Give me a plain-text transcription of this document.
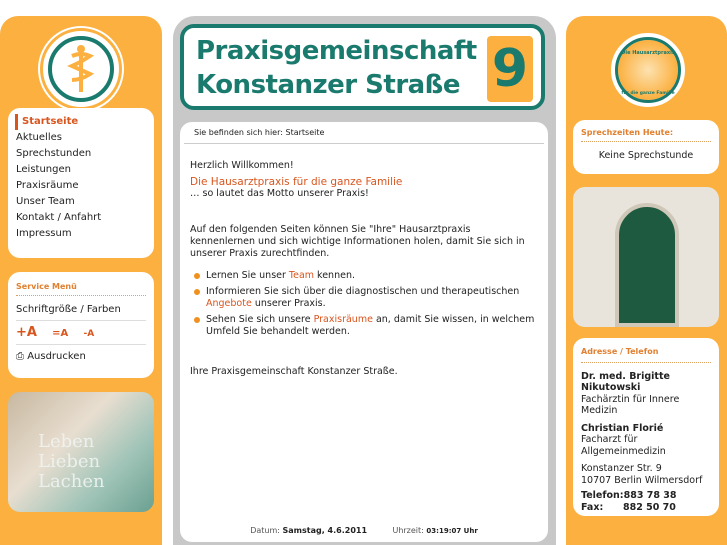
Startseite
Aktuelles
Sprechstunden
Leistungen
Praxisräume
Unser Team
Kontakt / Anfahrt
Impressum
Service Menü
Schriftgröße / Farben
+A =A -A
⎙ Ausdrucken
Leben
Lieben
Lachen
Praxisgemeinschaft
Konstanzer Straße 9
Sie befinden sich hier: Startseite
Herzlich Willkommen!
Die Hausarztpraxis für die ganze Familie
… so lautet das Motto unserer Praxis!
Auf den folgenden Seiten können Sie "Ihre" Hausarztpraxis kennenlernen und sich wichtige Informationen holen, damit Sie sich in unserer Praxis zurechtfinden.
Lernen Sie unser Team kennen.
Informieren Sie sich über die diagnostischen und therapeutischen Angebote unserer Praxis.
Sehen Sie sich unsere Praxisräume an, damit Sie wissen, in welchem Umfeld Sie behandelt werden.
Ihre Praxisgemeinschaft Konstanzer Straße.
Datum: Samstag, 4.6.2011	Uhrzeit: 03:19:07 Uhr
Die Hausarztpraxis
für die ganze Familie
Sprechzeiten Heute:
Keine Sprechstunde
Adresse / Telefon
Dr. med. Brigitte Nikutowski
Fachärztin für Innere Medizin
Christian Florié
Facharzt für Allgemeinmedizin
Konstanzer Str. 9
10707 Berlin Wilmersdorf
Telefon:883 78 38
Fax: 882 50 70
